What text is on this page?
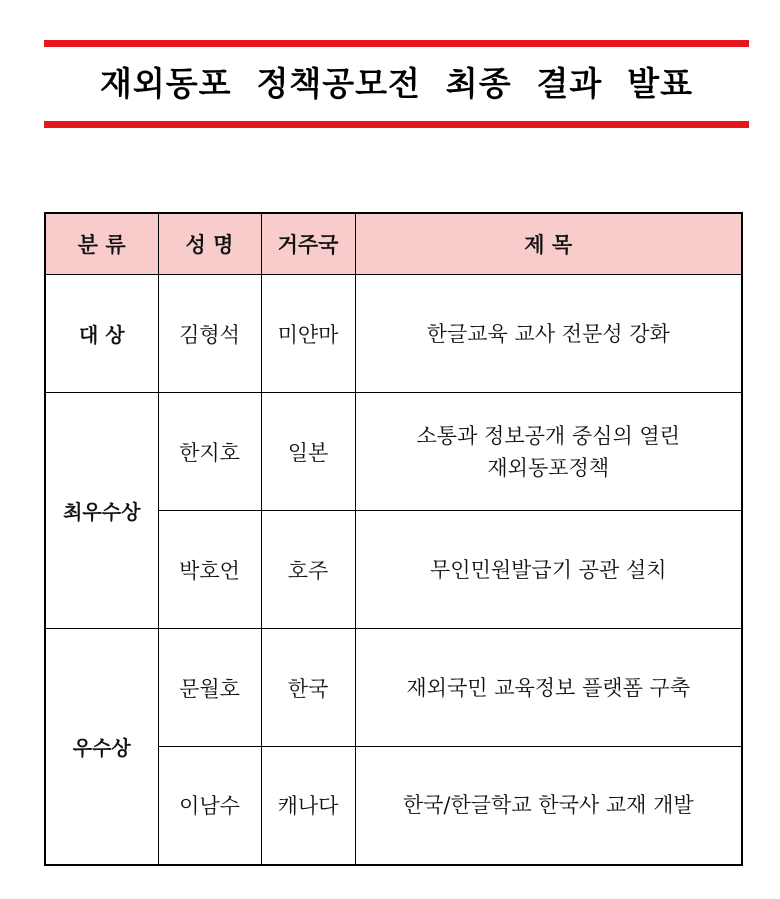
재외동포  정책공모전  최종  결과  발표
분 류	성 명	거주국	제 목
대 상	김형석	미얀마	한글교육 교사 전문성 강화

최우수상	한지호	일본	소통과 정보공개 중심의 열린
재외동포정책

	박호언	호주	무인민원발급기 공관 설치

우수상	문월호	한국	재외국민 교육정보 플랫폼 구축

	이남수	캐나다	한국/한글학교 한국사 교재 개발
